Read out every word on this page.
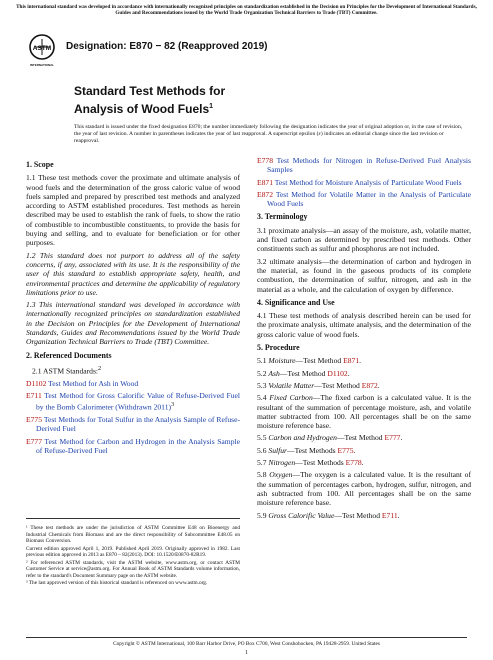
This international standard was developed in accordance with internationally recognized principles on standardization established in the Decision on Principles for the Development of International Standards, Guides and Recommendations issued by the World Trade Organization Technical Barriers to Trade (TBT) Committee.
ASTM
INTERNATIONAL
Designation: E870 − 82 (Reapproved 2019)
Standard Test Methods for
Analysis of Wood Fuels$^1$
This standard is issued under the fixed designation E870; the number immediately following the designation indicates the year of original adoption or, in the case of revision, the year of last revision. A number in parentheses indicates the year of last reapproval. A superscript epsilon (ε) indicates an editorial change since the last revision or reapproval.
1. Scope

1.1 These test methods cover the proximate and ultimate analysis of wood fuels and the determination of the gross caloric value of wood fuels sampled and prepared by prescribed test methods and analyzed according to ASTM established procedures. Test methods as herein described may be used to establish the rank of fuels, to show the ratio of combustible to incombustible constituents, to provide the basis for buying and selling, and to evaluate for beneficiation or for other purposes.

1.2 This standard does not purport to address all of the safety concerns, if any, associated with its use. It is the responsibility of the user of this standard to establish appropriate safety, health, and environmental practices and determine the applicability of regulatory limitations prior to use.

1.3 This international standard was developed in accordance with internationally recognized principles on standardization established in the Decision on Principles for the Development of International Standards, Guides and Recommendations issued by the World Trade Organization Technical Barriers to Trade (TBT) Committee.

2. Referenced Documents

2.1 ASTM Standards:$^2$

D1102 Test Method for Ash in Wood

E711 Test Method for Gross Calorific Value of Refuse-Derived Fuel by the Bomb Calorimeter (Withdrawn 2011)$^3$

E775 Test Methods for Total Sulfur in the Analysis Sample of Refuse-Derived Fuel

E777 Test Method for Carbon and Hydrogen in the Analysis Sample of Refuse-Derived Fuel

E778 Test Methods for Nitrogen in Refuse-Derived Fuel Analysis Samples

E871 Test Method for Moisture Analysis of Particulate Wood Fuels

E872 Test Method for Volatile Matter in the Analysis of Particulate Wood Fuels

3. Terminology

3.1 proximate analysis—an assay of the moisture, ash, volatile matter, and fixed carbon as determined by prescribed test methods. Other constituents such as sulfur and phosphorus are not included.

3.2 ultimate analysis—the determination of carbon and hydrogen in the material, as found in the gaseous products of its complete combustion, the determination of sulfur, nitrogen, and ash in the material as a whole, and the calculation of oxygen by difference.

4. Significance and Use

4.1 These test methods of analysis described herein can be used for the proximate analysis, ultimate analysis, and the determination of the gross caloric value of wood fuels.

5. Procedure

5.1 Moisture—Test Method E871.

5.2 Ash—Test Method D1102.

5.3 Volatile Matter—Test Method E872.

5.4 Fixed Carbon—The fixed carbon is a calculated value. It is the resultant of the summation of percentage moisture, ash, and volatile matter subtracted from 100. All percentages shall be on the same moisture reference base.

5.5 Carbon and Hydrogen—Test Method E777.

5.6 Sulfur—Test Methods E775.

5.7 Nitrogen—Test Methods E778.

5.8 Oxygen—The oxygen is a calculated value. It is the resultant of the summation of percentages carbon, hydrogen, sulfur, nitrogen, and ash subtracted from 100. All percentages shall be on the same moisture reference base.

5.9 Gross Calorific Value—Test Method E711.

¹ These test methods are under the jurisdiction of ASTM Committee E48 on Bioenergy and Industrial Chemicals from Biomass and are the direct responsibility of Subcommittee E48.05 on Biomass Conversion.

Current edition approved April 1, 2019. Published April 2019. Originally approved in 1982. Last previous edition approved in 2013 as E870 – 82(2013). DOI: 10.1520/E0870-82R19.

² For referenced ASTM standards, visit the ASTM website, www.astm.org, or contact ASTM Customer Service at service@astm.org. For Annual Book of ASTM Standards volume information, refer to the standard's Document Summary page on the ASTM website.

³ The last approved version of this historical standard is referenced on www.astm.org.

Copyright © ASTM International, 100 Barr Harbor Drive, PO Box C700, West Conshohocken, PA 19428-2959. United States
1
